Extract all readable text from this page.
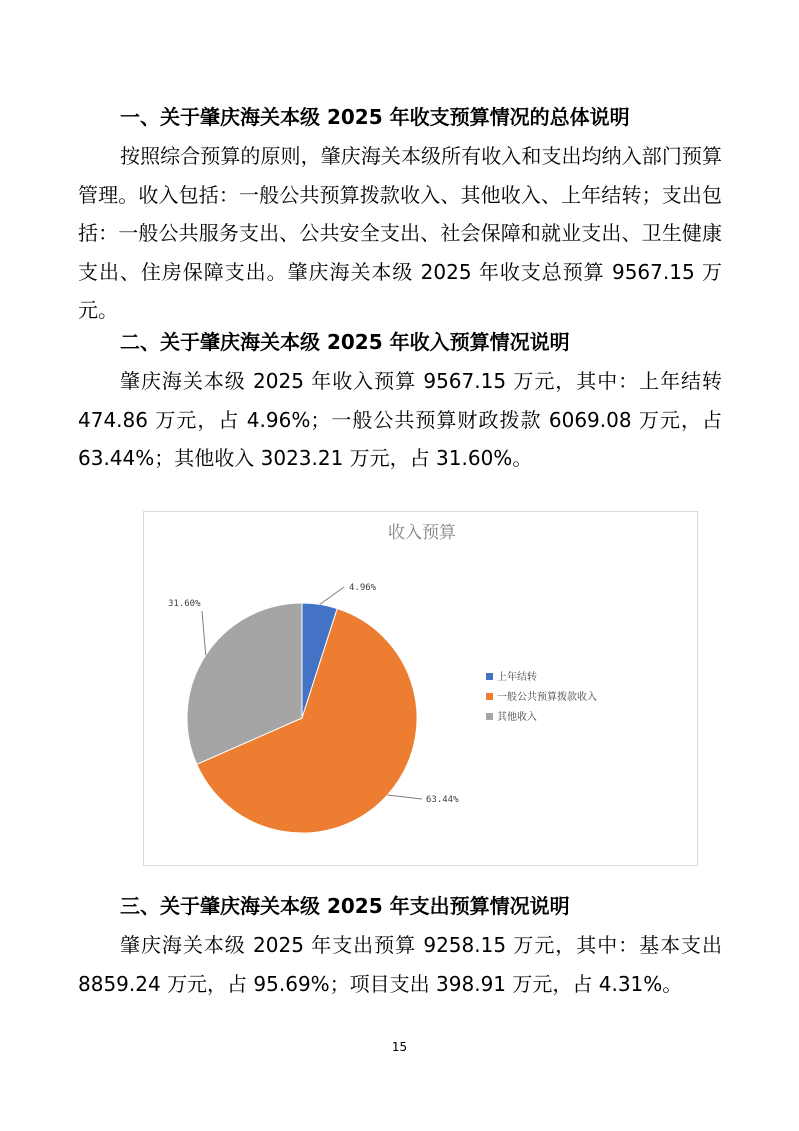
一、关于肇庆海关本级 2025 年收支预算情况的总体说明

按照综合预算的原则，肇庆海关本级所有收入和支出均纳入部门预算管理。收入包括：一般公共预算拨款收入、其他收入、上年结转；支出包括：一般公共服务支出、公共安全支出、社会保障和就业支出、卫生健康支出、住房保障支出。肇庆海关本级 2025 年收支总预算 9567.15 万元。

二、关于肇庆海关本级 2025 年收入预算情况说明

肇庆海关本级 2025 年收入预算 9567.15 万元，其中：上年结转 474.86 万元，占 4.96%；一般公共预算财政拨款 6069.08 万元，占 63.44%；其他收入 3023.21 万元，占 31.60%。

收入预算
4.96%
63.44%
31.60%
上年结转
一般公共预算拨款收入
其他收入
三、关于肇庆海关本级 2025 年支出预算情况说明

肇庆海关本级 2025 年支出预算 9258.15 万元，其中：基本支出 8859.24 万元，占 95.69%；项目支出 398.91 万元，占 4.31%。

15
